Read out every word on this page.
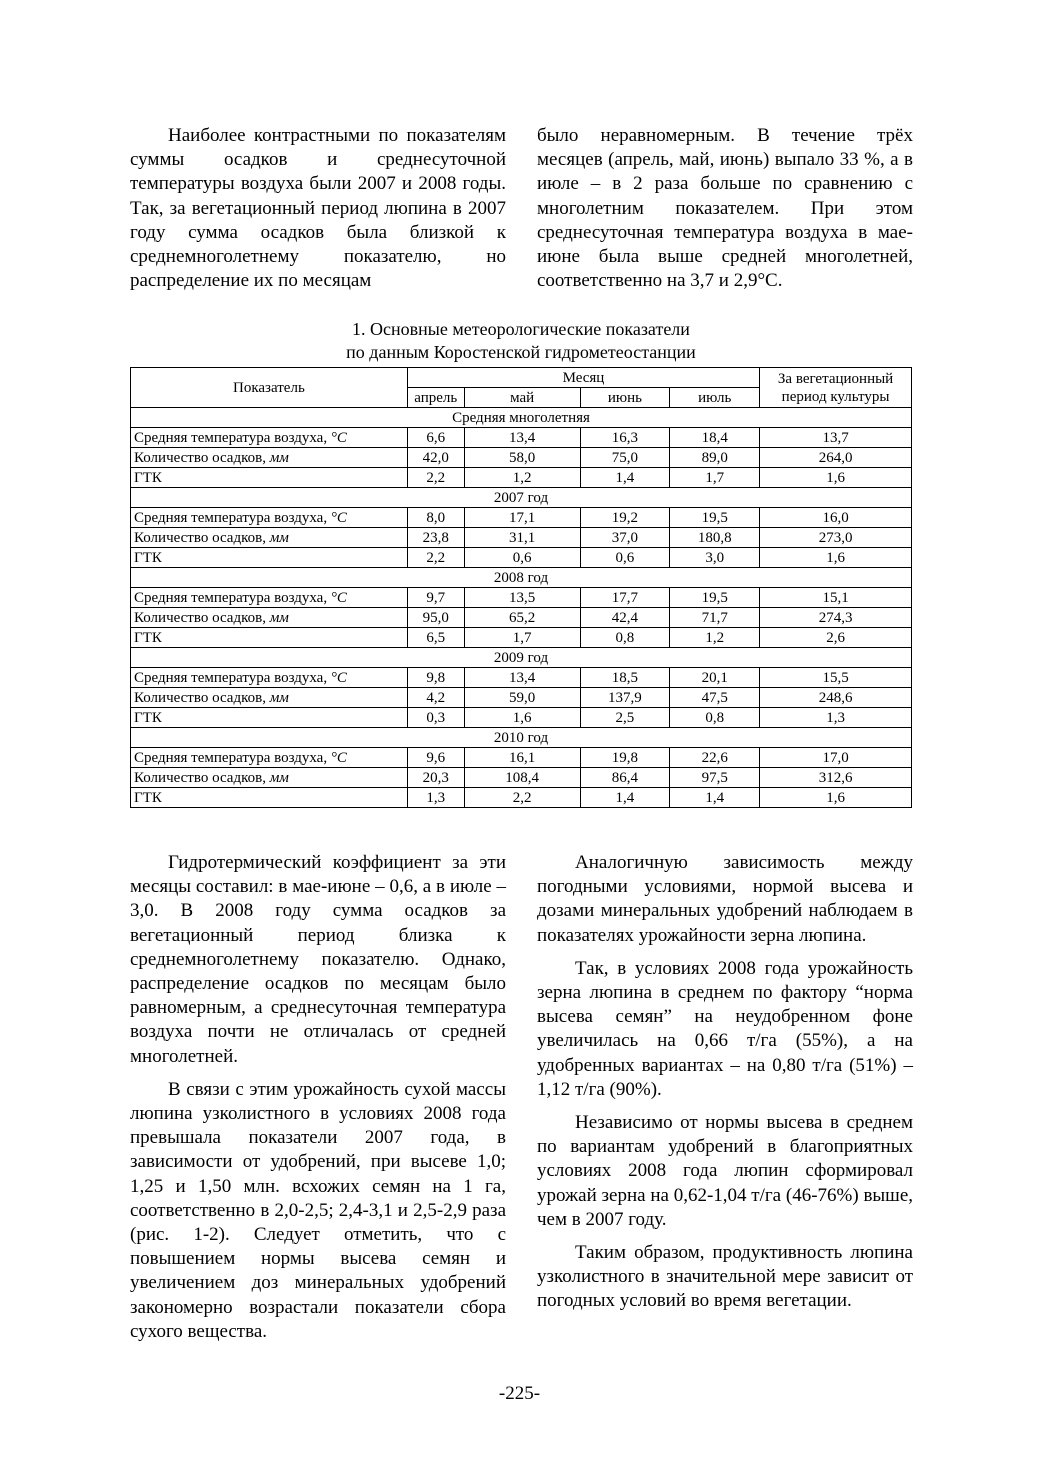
Наиболее контрастными по показателям суммы осадков и среднесуточной температуры воздуха были 2007 и 2008 годы. Так, за вегетационный период люпина в 2007 году сумма осадков была близкой к среднемноголетнему показателю, но распределение их по месяцам

было неравномерным. В течение трёх месяцев (апрель, май, июнь) выпало 33 %, а в июле – в 2 раза больше по сравнению с многолетним показателем. При этом среднесуточная температура воздуха в мае-июне была выше средней многолетней, соответственно на 3,7 и 2,9°С.

1. Основные метеорологические показатели
по данным Коростенской гидрометеостанции
Показатель	Месяц				За вегетационный
период культуры
	апрель	май	июнь	июль	
Средняя многолетняя					
Средняя температура воздуха, °С	6,6	13,4	16,3	18,4	13,7
Количество осадков, мм	42,0	58,0	75,0	89,0	264,0
ГТК	2,2	1,2	1,4	1,7	1,6
2007 год					
Средняя температура воздуха, °С	8,0	17,1	19,2	19,5	16,0
Количество осадков, мм	23,8	31,1	37,0	180,8	273,0
ГТК	2,2	0,6	0,6	3,0	1,6
2008 год					
Средняя температура воздуха, °С	9,7	13,5	17,7	19,5	15,1
Количество осадков, мм	95,0	65,2	42,4	71,7	274,3
ГТК	6,5	1,7	0,8	1,2	2,6
2009 год					
Средняя температура воздуха, °С	9,8	13,4	18,5	20,1	15,5
Количество осадков, мм	4,2	59,0	137,9	47,5	248,6
ГТК	0,3	1,6	2,5	0,8	1,3
2010 год					
Средняя температура воздуха, °С	9,6	16,1	19,8	22,6	17,0
Количество осадков, мм	20,3	108,4	86,4	97,5	312,6
ГТК	1,3	2,2	1,4	1,4	1,6

Гидротермический коэффициент за эти месяцы составил: в мае-июне – 0,6, а в июле – 3,0. В 2008 году сумма осадков за вегетационный период близка к среднемноголетнему показателю. Однако, распределение осадков по месяцам было равномерным, а среднесуточная температура воздуха почти не отличалась от средней многолетней.

В связи с этим урожайность сухой массы люпина узколистного в условиях 2008 года превышала показатели 2007 года, в зависимости от удобрений, при высеве 1,0; 1,25 и 1,50 млн. всхожих семян на 1 га, соответственно в 2,0-2,5; 2,4-3,1 и 2,5-2,9 раза (рис. 1-2). Следует отметить, что с повышением нормы высева семян и увеличением доз минеральных удобрений закономерно возрастали показатели сбора сухого вещества.

Аналогичную зависимость между погодными условиями, нормой высева и дозами минеральных удобрений наблюдаем в показателях урожайности зерна люпина.

Так, в условиях 2008 года урожайность зерна люпина в среднем по фактору “норма высева семян” на неудобренном фоне увеличилась на 0,66 т/га (55%), а на удобренных вариантах – на 0,80 т/га (51%) – 1,12 т/га (90%).

Независимо от нормы высева в среднем по вариантам удобрений в благоприятных условиях 2008 года люпин сформировал урожай зерна на 0,62-1,04 т/га (46-76%) выше, чем в 2007 году.

Таким образом, продуктивность люпина узколистного в значительной мере зависит от погодных условий во время вегетации.

-225-
